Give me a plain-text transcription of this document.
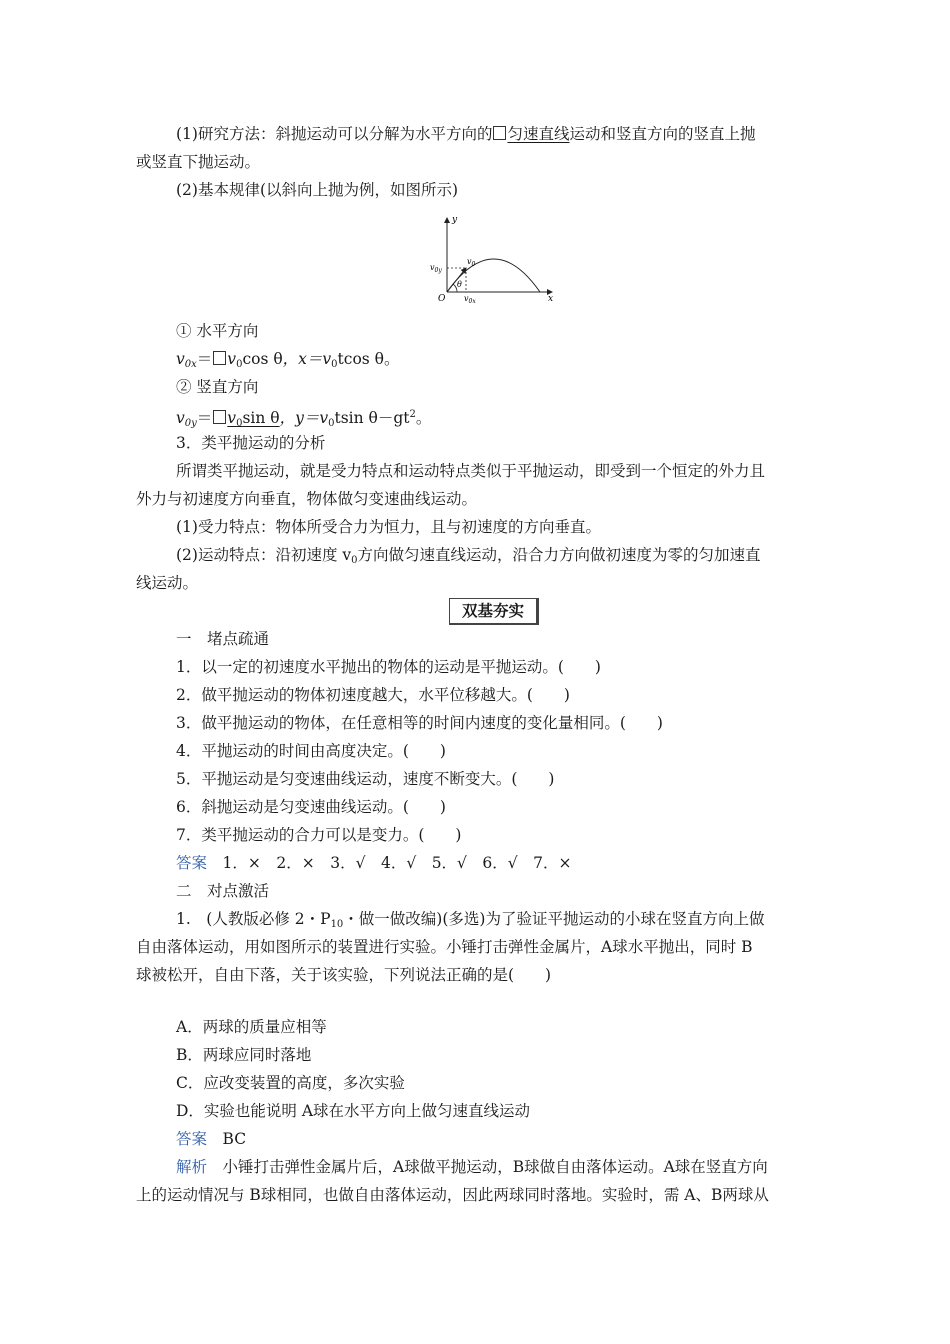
(1)研究方法：斜抛运动可以分解为水平方向的 匀速直线运动和竖直方向的竖直上抛
或竖直下抛运动。
(2)基本规律(以斜向上抛为例，如图所示)
y
x
O
$v_0$
$v_{0y}$
$v_{0x}$
θ
① 水平方向
$v_{0x}= v_0\cos$ θ，$x=v_0tcos$ θ。
② 竖直方向
$v_{0y}= v_0\sin$ θ，$y=v_0tsin$ $\theta-gt^2$。
3．类平抛运动的分析
所谓类平抛运动，就是受力特点和运动特点类似于平抛运动，即受到一个恒定的外力且
外力与初速度方向垂直，物体做匀变速曲线运动。
(1)受力特点：物体所受合力为恒力，且与初速度的方向垂直。
(2)运动特点：沿初速度 $v_0$方向做匀速直线运动，沿合力方向做初速度为零的匀加速直
线运动。
双基夯实
一　堵点疏通
1．以一定的初速度水平抛出的物体的运动是平抛运动。(　　)
2．做平抛运动的物体初速度越大，水平位移越大。(　　)
3．做平抛运动的物体，在任意相等的时间内速度的变化量相同。(　　)
4．平抛运动的时间由高度决定。(　　)
5．平抛运动是匀变速曲线运动，速度不断变大。(　　)
6．斜抛运动是匀变速曲线运动。(　　)
7．类平抛运动的合力可以是变力。(　　)
答案　1．×　2．×　3．√　4．√　5．√　6．√　7．×
二　对点激活
1.　(人教版必修 2・$P_{10}$・做一做改编)(多选)为了验证平抛运动的小球在竖直方向上做
自由落体运动，用如图所示的装置进行实验。小锤打击弹性金属片，A球水平抛出，同时 B
球被松开，自由下落，关于该实验，下列说法正确的是(　　)
A．两球的质量应相等
B．两球应同时落地
C．应改变装置的高度，多次实验
D．实验也能说明 A球在水平方向上做匀速直线运动
答案　BC
解析　小锤打击弹性金属片后，A球做平抛运动，B球做自由落体运动。A球在竖直方向
上的运动情况与 B球相同，也做自由落体运动，因此两球同时落地。实验时，需 A、B两球从
